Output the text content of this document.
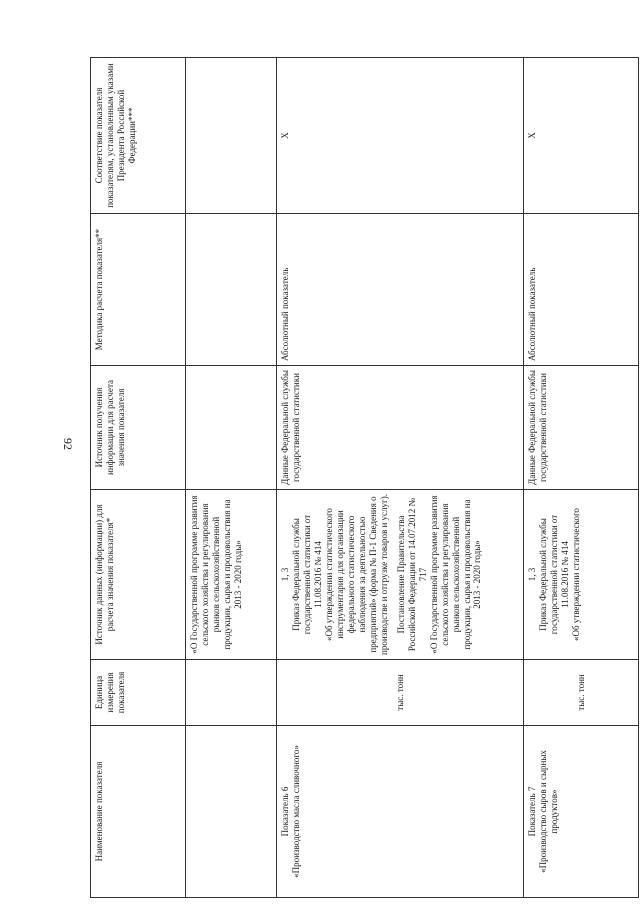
92
Наименование показателя	Единица измерения показателя	Источник данных (информации) для расчета значения показателя*	Источник получения информации для расчета значения показателя	Методика расчета показателя**	Соответствие показателя показателям, установленным указами Президента Российской Федерации***
		«О Государственной программе развития сельского хозяйства и регулирования рынков сельскохозяйственной продукции, сырья и продовольствия на 2013 - 2020 годы»			

Показатель 6 «Производство масла сливочного»	тыс. тонн	1, 3 Приказ Федеральной службы государственной статистики от 11.08.2016 № 414 «Об утверждении статистического инструментария для организации федерального статистического наблюдения за деятельностью предприятий» (форма № П-1 Сведения о производстве и отгрузке товаров и услуг). Постановление Правительства Российской Федерации от 14.07.2012 № 717 «О Государственной программе развития сельского хозяйства и регулирования рынков сельскохозяйственной продукции, сырья и продовольствия на 2013 - 2020 годы»	Данные Федеральной службы государственной статистики	Абсолютный показатель	Х

Показатель 7 «Производство сыров и сырных продуктов»	тыс. тонн	1, 3 Приказ Федеральной службы государственной статистики от 11.08.2016 № 414 «Об утверждении статистического	Данные Федеральной службы государственной статистики	Абсолютный показатель	Х
